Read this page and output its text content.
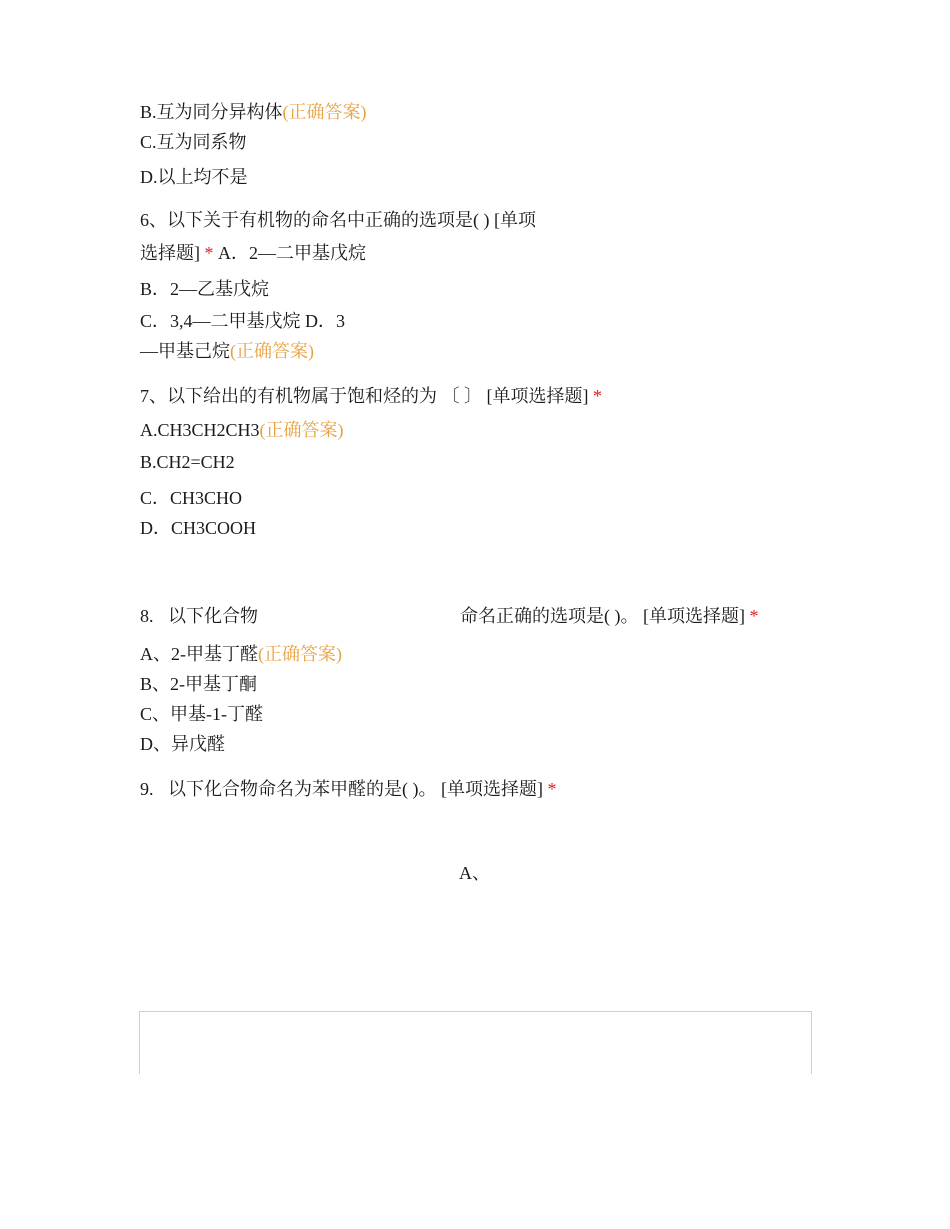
B.互为同分异构体(正确答案)
C.互为同系物
D.以上均不是
6、以下关于有机物的命名中正确的选项是( ) [单项
选择题] * A．2—二甲基戊烷
B．2—乙基戊烷
C．3,4—二甲基戊烷 D．3
—甲基己烷(正确答案)
7、以下给出的有机物属于饱和烃的为 〔 〕 [单项选择题] *
A.CH3CH2CH3(正确答案)
B.CH2=CH2
C．CH3CHO
D．CH3COOH
8. 以下化合物	命名正确的选项是( )。 [单项选择题] *
A、2-甲基丁醛(正确答案)
B、2-甲基丁酮
C、甲基-1-丁醛
D、异戊醛
9. 以下化合物命名为苯甲醛的是( )。 [单项选择题] *
A、
